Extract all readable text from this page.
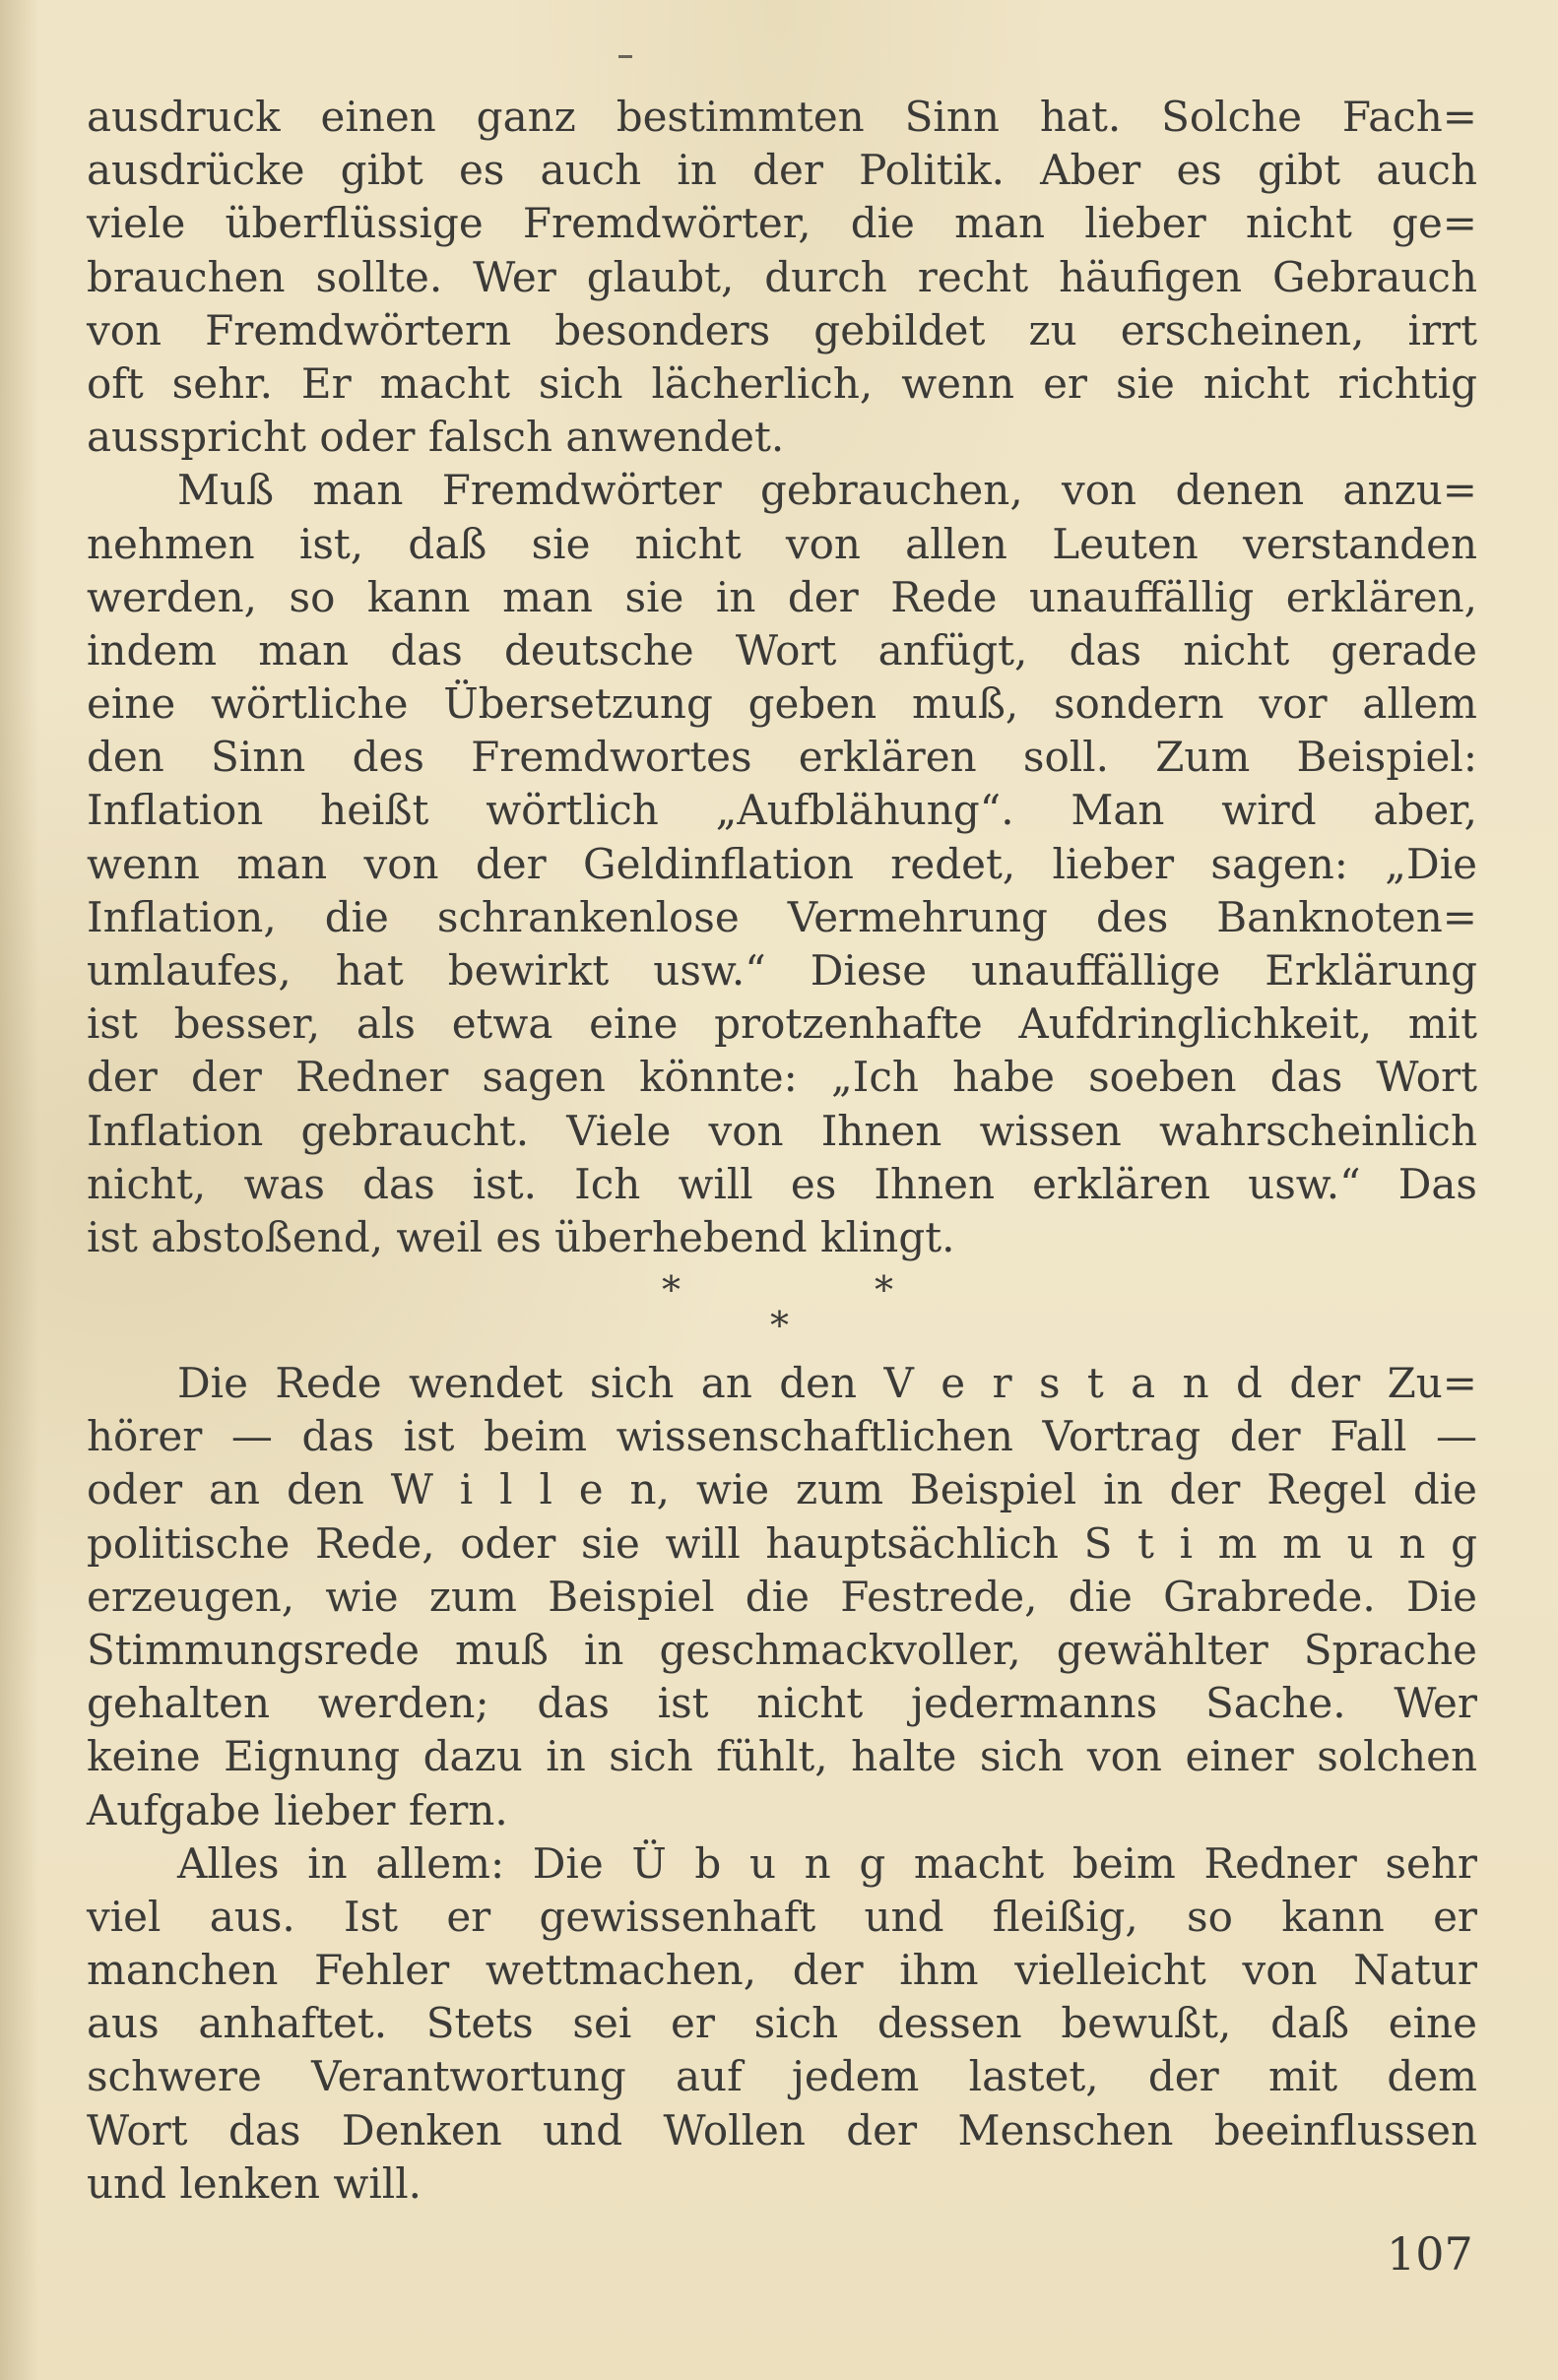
ausdruck einen ganz bestimmten Sinn hat. Solche Fach=
ausdrücke gibt es auch in der Politik. Aber es gibt auch
viele überflüssige Fremdwörter, die man lieber nicht ge=
brauchen sollte. Wer glaubt, durch recht häufigen Gebrauch
von Fremdwörtern besonders gebildet zu erscheinen, irrt
oft sehr. Er macht sich lächerlich, wenn er sie nicht richtig
ausspricht oder falsch anwendet.
Muß man Fremdwörter gebrauchen, von denen anzu=
nehmen ist, daß sie nicht von allen Leuten verstanden
werden, so kann man sie in der Rede unauffällig erklären,
indem man das deutsche Wort anfügt, das nicht gerade
eine wörtliche Übersetzung geben muß, sondern vor allem
den Sinn des Fremdwortes erklären soll. Zum Beispiel:
Inflation heißt wörtlich „Aufblähung“. Man wird aber,
wenn man von der Geldinflation redet, lieber sagen: „Die
Inflation, die schrankenlose Vermehrung des Banknoten=
umlaufes, hat bewirkt usw.“ Diese unauffällige Erklärung
ist besser, als etwa eine protzenhafte Aufdringlichkeit, mit
der der Redner sagen könnte: „Ich habe soeben das Wort
Inflation gebraucht. Viele von Ihnen wissen wahrscheinlich
nicht, was das ist. Ich will es Ihnen erklären usw.“ Das
ist abstoßend, weil es überhebend klingt.
*	*
*
Die Rede wendet sich an den V e r s t a n d der Zu=
hörer — das ist beim wissenschaftlichen Vortrag der Fall —
oder an den W i l l e n, wie zum Beispiel in der Regel die
politische Rede, oder sie will hauptsächlich S t i m m u n g
erzeugen, wie zum Beispiel die Festrede, die Grabrede. Die
Stimmungsrede muß in geschmackvoller, gewählter Sprache
gehalten werden; das ist nicht jedermanns Sache. Wer
keine Eignung dazu in sich fühlt, halte sich von einer solchen
Aufgabe lieber fern.
Alles in allem: Die Ü b u n g macht beim Redner sehr
viel aus. Ist er gewissenhaft und fleißig, so kann er
manchen Fehler wettmachen, der ihm vielleicht von Natur
aus anhaftet. Stets sei er sich dessen bewußt, daß eine
schwere Verantwortung auf jedem lastet, der mit dem
Wort das Denken und Wollen der Menschen beeinflussen
und lenken will.
107
